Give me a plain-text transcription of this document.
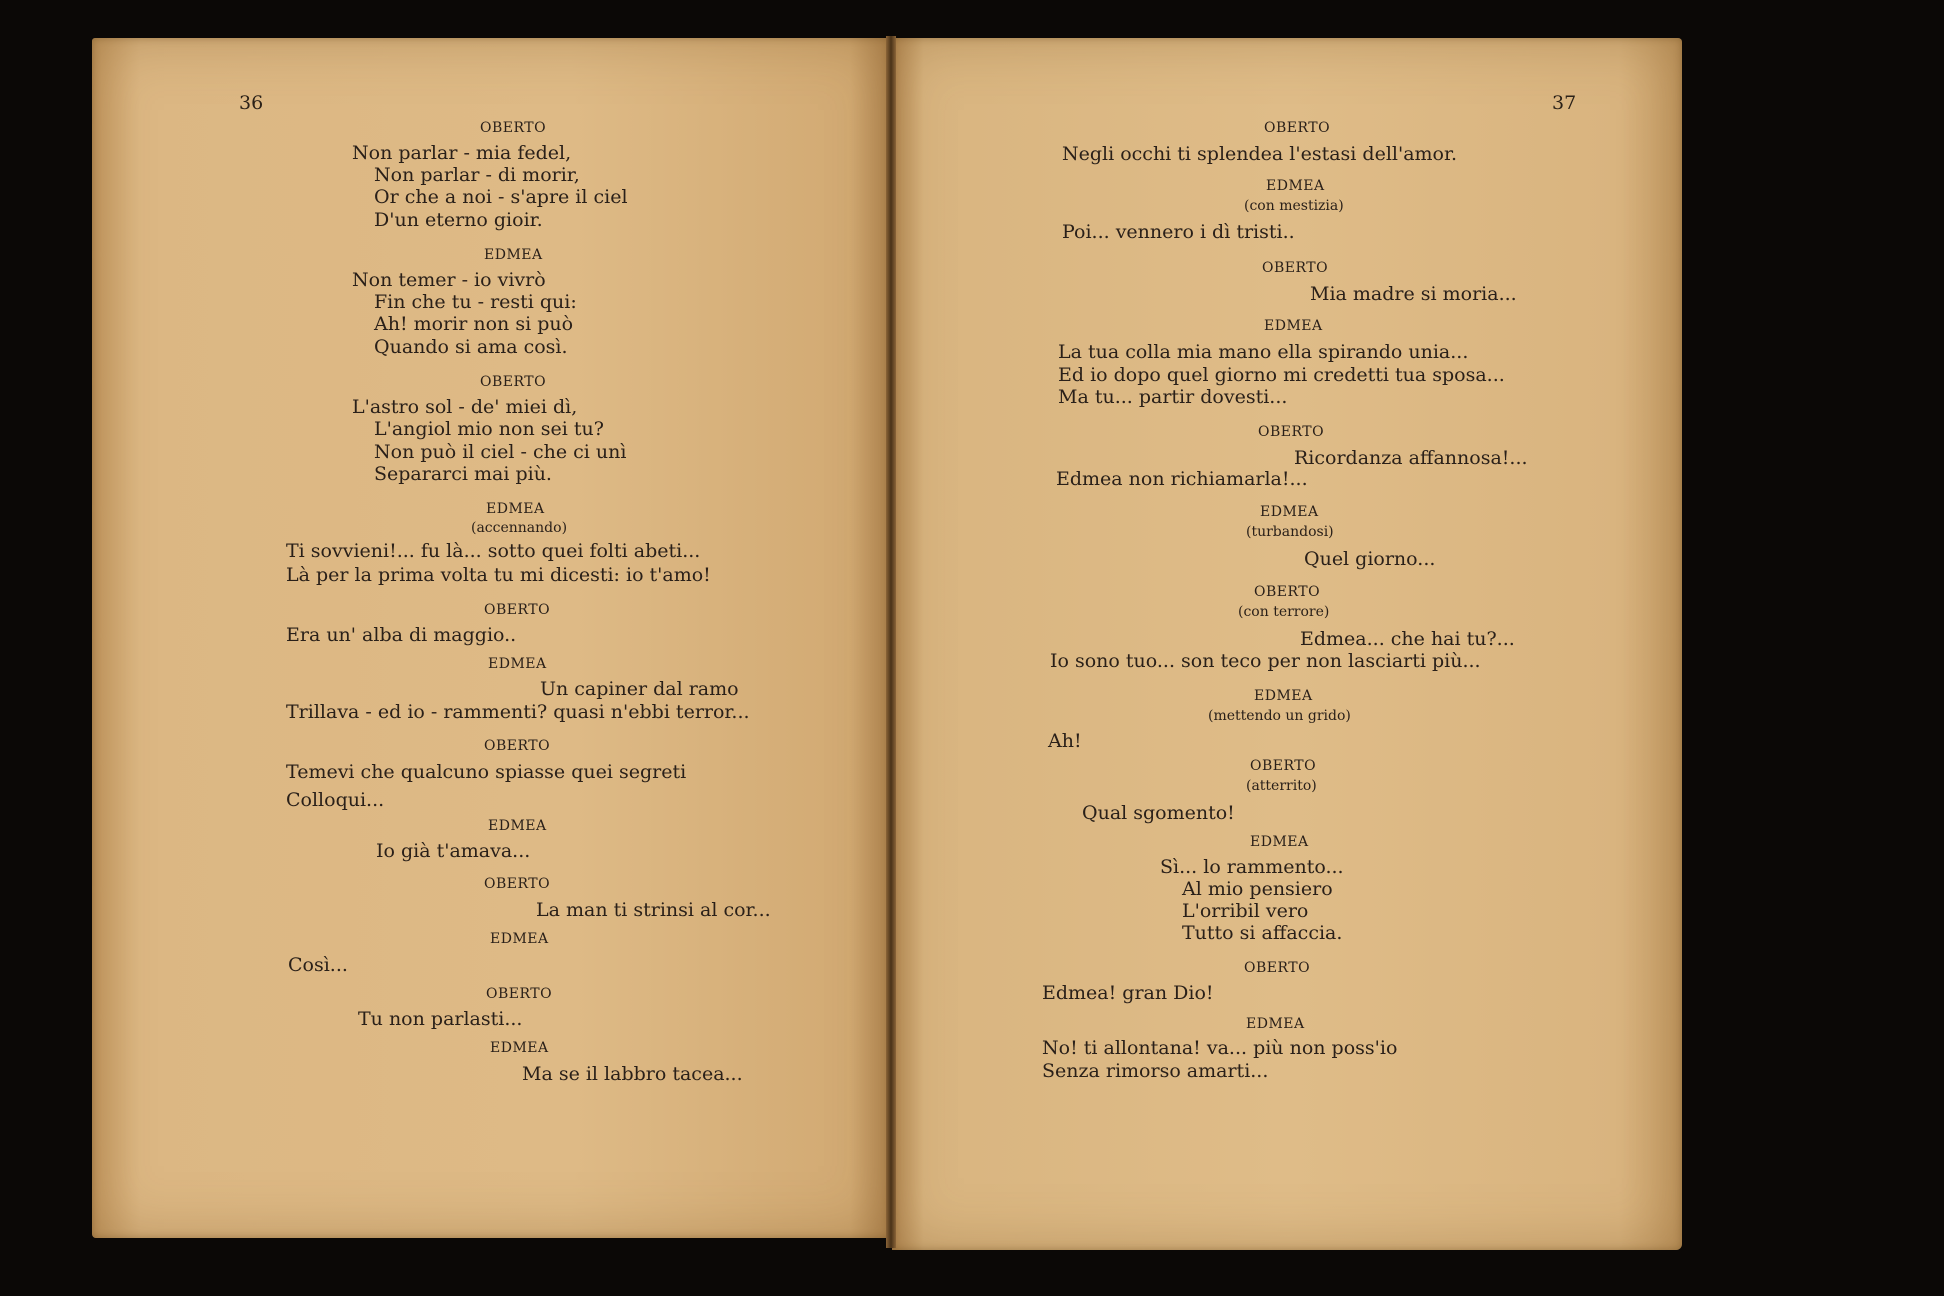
36	37
OBERTO
Non parlar - mia fedel,
Non parlar - di morir,
Or che a noi - s'apre il ciel
D'un eterno gioir.
EDMEA
Non temer - io vivrò
Fin che tu - resti qui:
Ah! morir non si può
Quando si ama così.
OBERTO
L'astro sol - de' miei dì,
L'angiol mio non sei tu?
Non può il ciel - che ci unì
Separarci mai più.
EDMEA
(accennando)
Ti sovvieni!... fu là... sotto quei folti abeti...
Là per la prima volta tu mi dicesti: io t'amo!
OBERTO
Era un' alba di maggio..
EDMEA
Un capiner dal ramo
Trillava - ed io - rammenti? quasi n'ebbi terror...
OBERTO
Temevi che qualcuno spiasse quei segreti
Colloqui...
EDMEA
Io già t'amava...
OBERTO
La man ti strinsi al cor...
EDMEA
Così...
OBERTO
Tu non parlasti...
EDMEA
Ma se il labbro tacea...
OBERTO
Negli occhi ti splendea l'estasi dell'amor.
EDMEA
(con mestizia)
Poi... vennero i dì tristi..
OBERTO
Mia madre si moria...
EDMEA
La tua colla mia mano ella spirando unia...
Ed io dopo quel giorno mi credetti tua sposa...
Ma tu... partir dovesti...
OBERTO
Ricordanza affannosa!...
Edmea non richiamarla!...
EDMEA
(turbandosi)
Quel giorno...
OBERTO
(con terrore)
Edmea... che hai tu?...
Io sono tuo... son teco per non lasciarti più...
EDMEA
(mettendo un grido)
Ah!
OBERTO
(atterrito)
Qual sgomento!
EDMEA
Sì... lo rammento...
Al mio pensiero
L'orribil vero
Tutto si affaccia.
OBERTO
Edmea! gran Dio!
EDMEA
No! ti allontana! va... più non poss'io
Senza rimorso amarti...
